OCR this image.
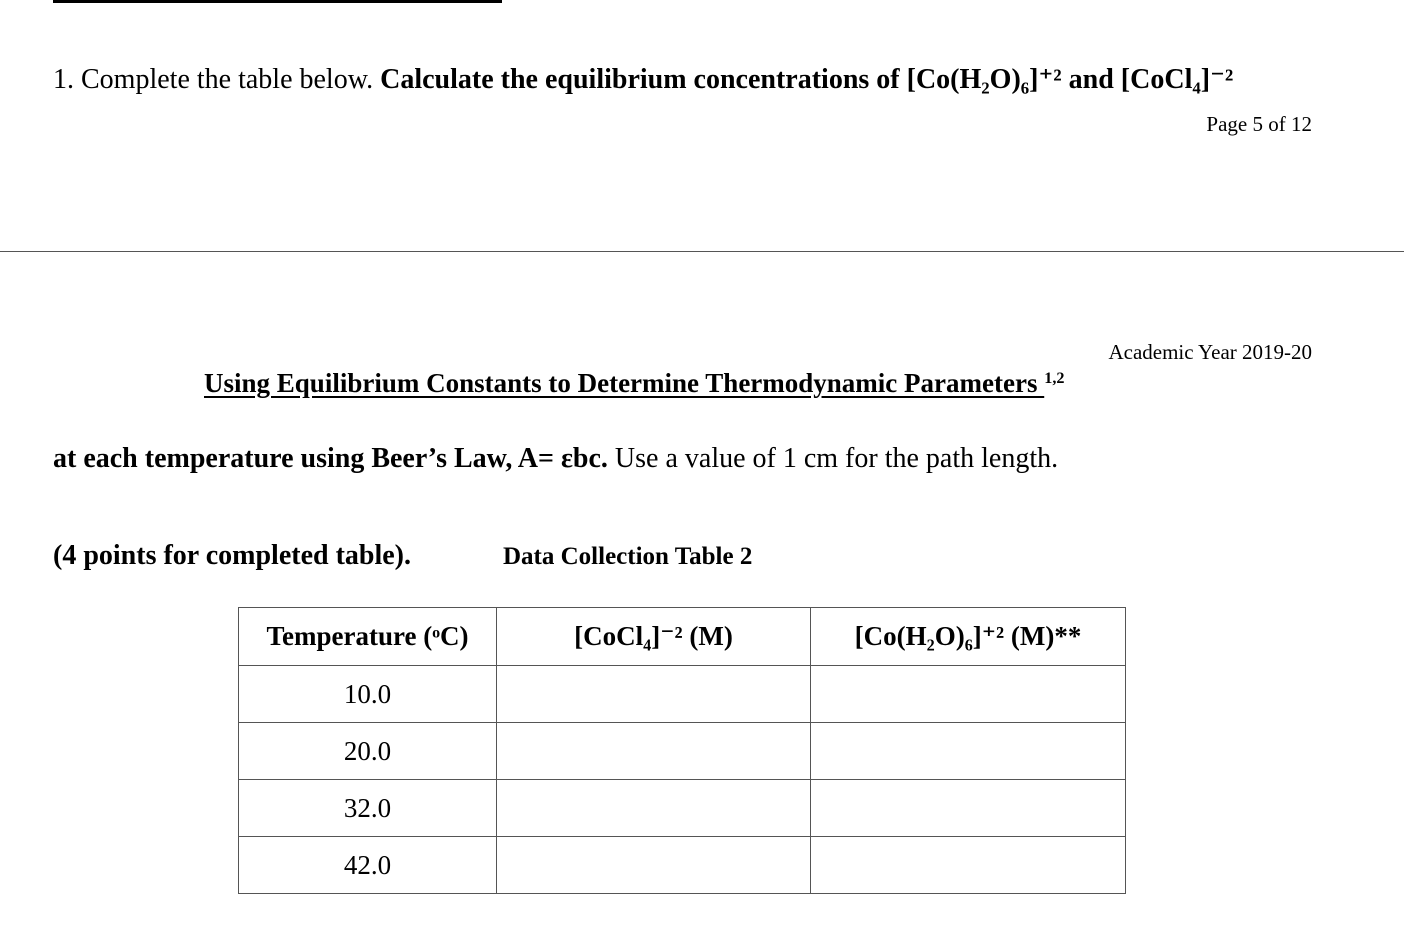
1. Complete the table below. Calculate the equilibrium concentrations of [Co(H₂O)₆]⁺² and [CoCl₄]⁻²
Page 5 of 12
Academic Year 2019-20
Using Equilibrium Constants to Determine Thermodynamic Parameters $^{1,2}$
at each temperature using Beer’s Law, A= εbc. Use a value of 1 cm for the path length.
(4 points for completed table).	Data Collection Table 2
Temperature (ᵒC)	[CoCl₄]⁻² (M)	[Co(H₂O)₆]⁺² (M)**
10.0		
20.0		
32.0		
42.0		
